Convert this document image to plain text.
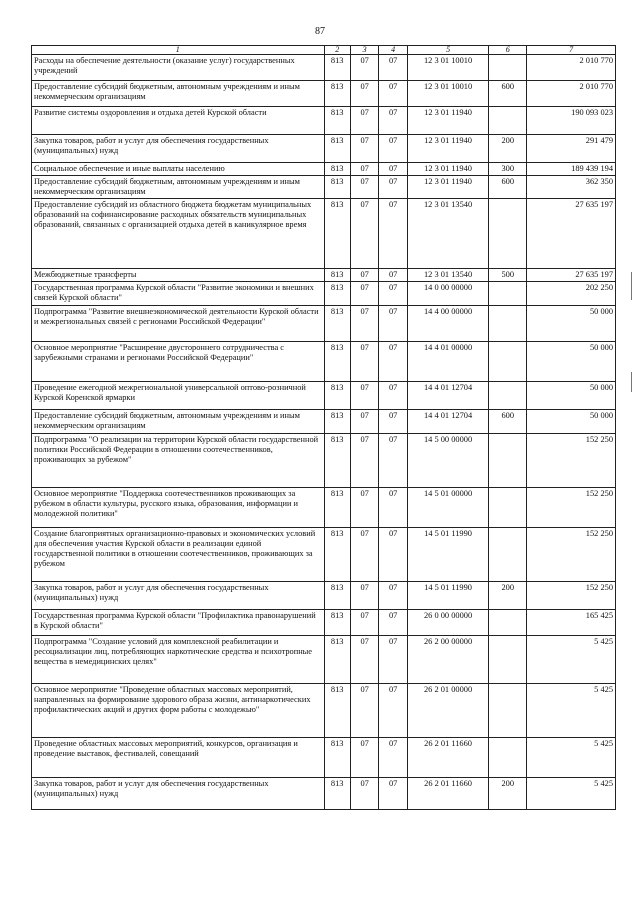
87
1	2	3	4	5	6	7
Расходы на обеспечение деятельности (оказание услуг) государственных учреждений	813	07	07	12 3 01 10010		2 010 770
Предоставление субсидий бюджетным, автономным учреждениям и иным некоммерческим организациям	813	07	07	12 3 01 10010	600	2 010 770
Развитие системы оздоровления и отдыха детей Курской области	813	07	07	12 3 01 11940		190 093 023
Закупка товаров, работ и услуг для обеспечения государственных (муниципальных) нужд	813	07	07	12 3 01 11940	200	291 479
Социальное обеспечение и иные выплаты населению	813	07	07	12 3 01 11940	300	189 439 194
Предоставление субсидий бюджетным, автономным учреждениям и иным некоммерческим организациям	813	07	07	12 3 01 11940	600	362 350
Предоставление субсидий из областного бюджета бюджетам муниципальных образований на софинансирование расходных обязательств муниципальных образований, связанных с организацией отдыха детей в каникулярное время	813	07	07	12 3 01 13540		27 635 197
Межбюджетные трансферты	813	07	07	12 3 01 13540	500	27 635 197
Государственная программа Курской области "Развитие экономики и внешних связей Курской области"	813	07	07	14 0 00 00000		202 250
Подпрограмма "Развитие внешнеэкономической деятельности Курской области и межрегиональных связей с регионами Российской Федерации"	813	07	07	14 4 00 00000		50 000
Основное мероприятие "Расширение двустороннего сотрудничества с зарубежными странами и регионами Российской Федерации"	813	07	07	14 4 01 00000		50 000
Проведение ежегодной межрегиональной универсальной оптово-розничной Курской Коренской ярмарки	813	07	07	14 4 01 12704		50 000
Предоставление субсидий бюджетным, автономным учреждениям и иным некоммерческим организациям	813	07	07	14 4 01 12704	600	50 000
Подпрограмма "О реализации на территории Курской области государственной политики Российской Федерации в отношении соотечественников, проживающих за рубежом"	813	07	07	14 5 00 00000		152 250
Основное мероприятие "Поддержка соотечественников проживающих за рубежом в области культуры, русского языка, образования, информации и молодежной политики"	813	07	07	14 5 01 00000		152 250
Создание благоприятных организационно-правовых и экономических условий для обеспечения участия Курской области в реализации единой государственной политики в отношении соотечественников, проживающих за рубежом	813	07	07	14 5 01 11990		152 250
Закупка товаров, работ и услуг для обеспечения государственных (муниципальных) нужд	813	07	07	14 5 01 11990	200	152 250
Государственная программа Курской области "Профилактика правонарушений в Курской области"	813	07	07	26 0 00 00000		165 425
Подпрограмма "Создание условий для комплексной реабилитации и ресоциализации лиц, потребляющих наркотические средства и психотропные вещества в немедицинских целях"	813	07	07	26 2 00 00000		5 425
Основное мероприятие "Проведение областных массовых мероприятий, направленных на формирование здорового образа жизни, антинаркотических профилактических акций и других форм работы с молодежью"	813	07	07	26 2 01 00000		5 425
Проведение областных массовых мероприятий, конкурсов, организация и проведение выставок, фестивалей, совещаний	813	07	07	26 2 01 11660		5 425
Закупка товаров, работ и услуг для обеспечения государственных (муниципальных) нужд	813	07	07	26 2 01 11660	200	5 425
